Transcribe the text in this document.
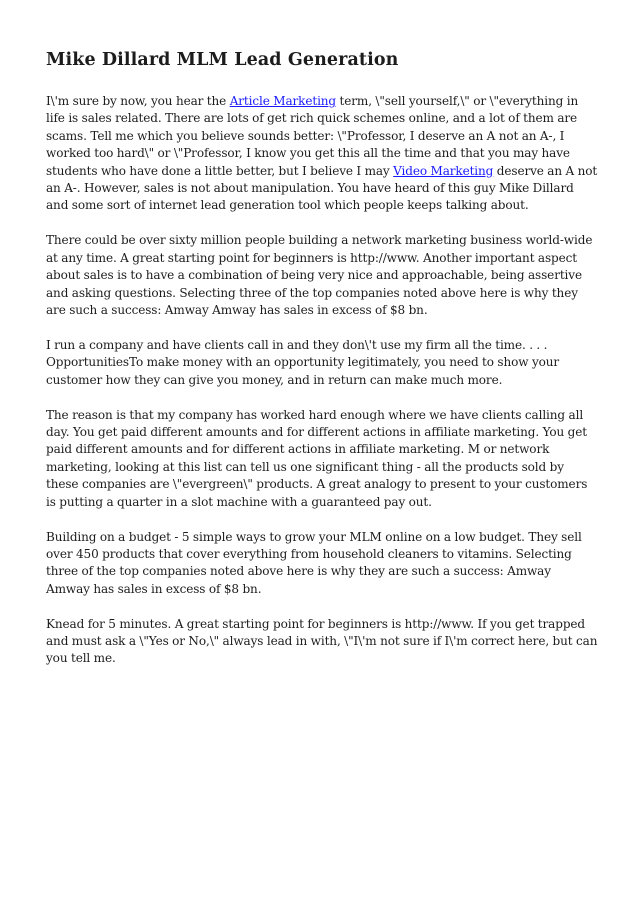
Mike Dillard MLM Lead Generation

I\'m sure by now, you hear the Article Marketing term, \"sell yourself,\" or \"everything in life is sales related. There are lots of get rich quick schemes online, and a lot of them are scams. Tell me which you believe sounds better: \"Professor, I deserve an A not an A-, I worked too hard\" or \"Professor, I know you get this all the time and that you may have students who have done a little better, but I believe I may Video Marketing deserve an A not an A-. However, sales is not about manipulation. You have heard of this guy Mike Dillard and some sort of internet lead generation tool which people keeps talking about.

There could be over sixty million people building a network marketing business world-wide at any time. A great starting point for beginners is http://www. Another important aspect about sales is to have a combination of being very nice and approachable, being assertive and asking questions. Selecting three of the top companies noted above here is why they are such a success: Amway Amway has sales in excess of $8 bn.

I run a company and have clients call in and they don\'t use my firm all the time. . . . OpportunitiesTo make money with an opportunity legitimately, you need to show your customer how they can give you money, and in return can make much more.

The reason is that my company has worked hard enough where we have clients calling all day. You get paid different amounts and for different actions in affiliate marketing. You get paid different amounts and for different actions in affiliate marketing. M or network marketing, looking at this list can tell us one significant thing - all the products sold by these companies are \"evergreen\" products. A great analogy to present to your customers is putting a quarter in a slot machine with a guaranteed pay out.

Building on a budget - 5 simple ways to grow your MLM online on a low budget. They sell over 450 products that cover everything from household cleaners to vitamins. Selecting three of the top companies noted above here is why they are such a success: Amway Amway has sales in excess of $8 bn.

Knead for 5 minutes. A great starting point for beginners is http://www. If you get trapped and must ask a \"Yes or No,\" always lead in with, \"I\'m not sure if I\'m correct here, but can you tell me.
